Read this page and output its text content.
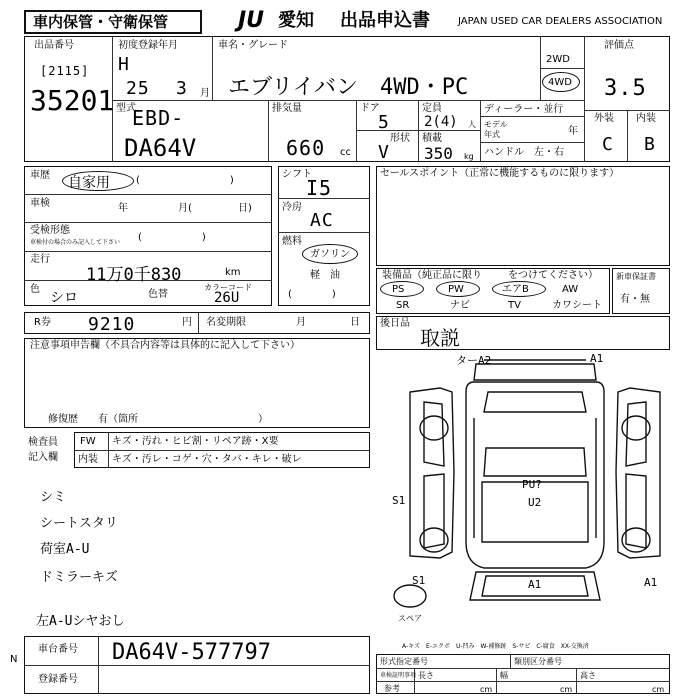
車内保管・守衛保管	JU 愛知 出品申込書	JAPAN USED CAR DEALERS ASSOCIATION
出品番号
[2115]
35201
初度登録年月
H
25 3 月
車名・グレード
エブリイバン　4WD・PC
2WD
4WD
評価点
3.5
外装 内装
C B
型式
EBD-
DA64V
排気量
660 cc
ドア
5
形状
V
定員
2(4) 人
積載
350 kg
ディーラー・並行
モデル
年式	年
ハンドル　左・右
車歴 自家用	(　　　　　　　　　)
車検	年	月(	日)
受検形態
車検付の場合のみ記入して下さい (　　　　　　)
走行
11万0千830	km
色
シロ	色替
カラーコード
26U
シフト
I5
冷房
AC
燃料
ガソリン
軽　油
(　　　　)
セールスポイント（正常に機能するものに限ります）
装備品（純正品に限り	をつけてください）
PS	PW	エアB	AW
SR	ナビ	TV	カワシート
新車保証書
有・無
R券 9210	円 名変期限	月	日 後日品
取説
注意事項申告欄（不具合内容等は具体的に記入して下さい）
修復歴　　有（箇所　　　　　　　　　　　　）
検査員
記入欄
FW キズ・汚れ・ヒビ割・リペア跡・X要
内装 キズ・汚レ・コゲ・穴・タバ・キレ・破レ
シミ
シートスタリ
荷室A-U
ドミラーキズ
左A-Uシヤおし
ターA2	A1
S1
PU?
U2
S1	A1	A1
スペア
A-キズ　E-エクボ　U-凹み　W-補修跡　S-サビ　C-腐食　XX-交換済
N
車台番号 DA64V-577797
登録番号
形式指定番号	類別区分番号
車検証明事項
参考
長さ	幅	高さ
cm	cm	cm
